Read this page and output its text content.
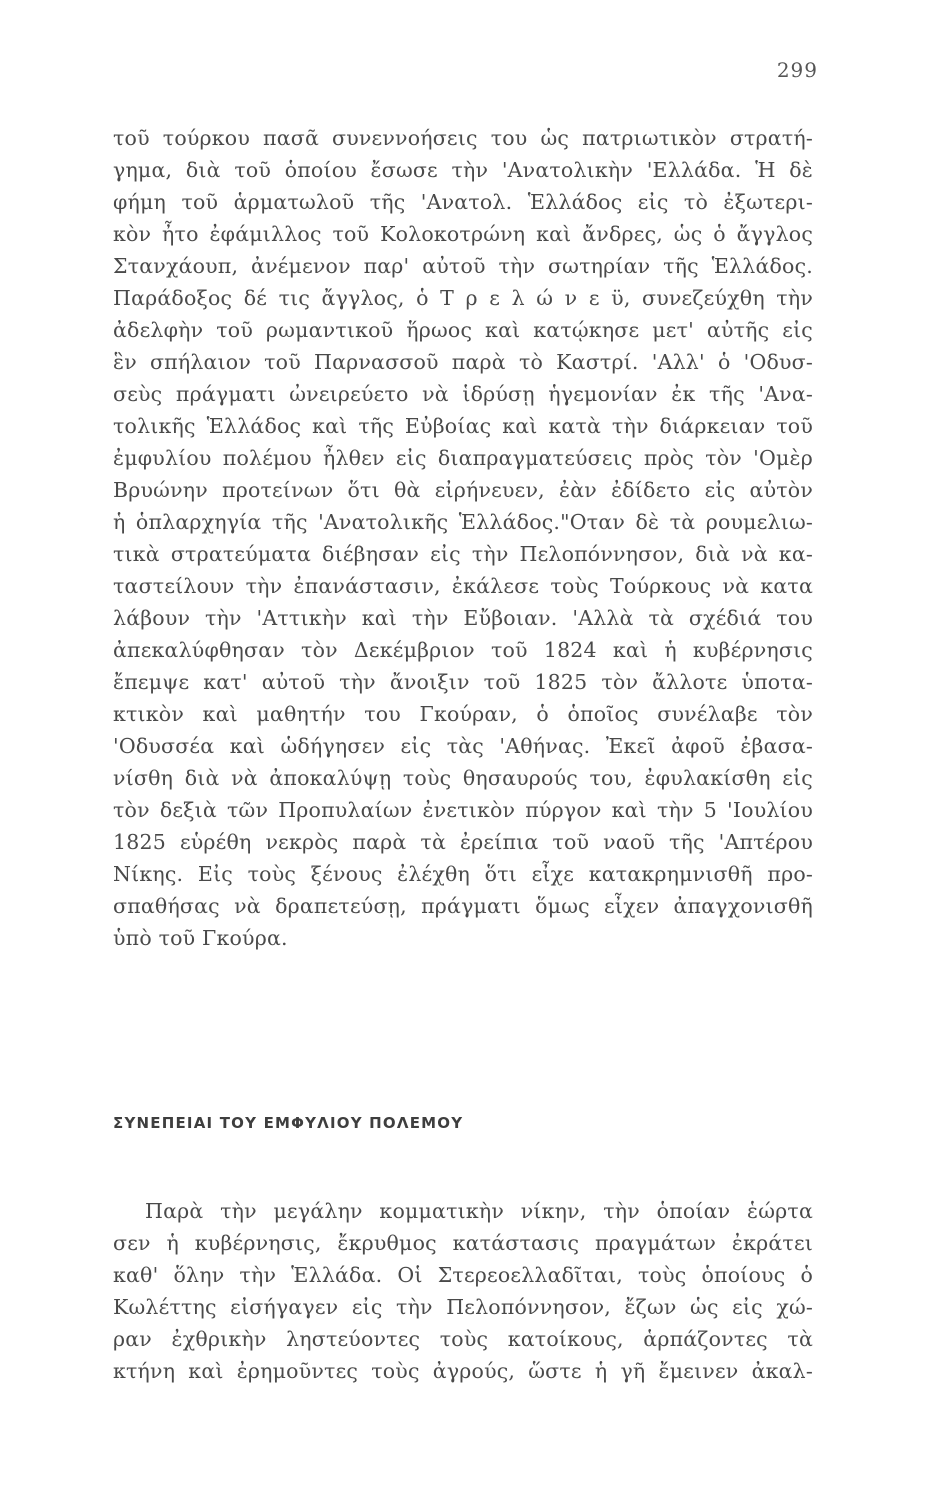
299
τοῦ τούρκου πασᾶ συνεννοήσεις του ὡς πατριωτικὸν στρατή-
γημα, διὰ τοῦ ὁποίου ἔσωσε τὴν 'Ανατολικὴν 'Ελλάδα. Ἡ δὲ
φήμη τοῦ ἁρματωλοῦ τῆς 'Ανατολ. Ἑλλάδος εἰς τὸ ἐξωτερι-
κὸν ἦτο ἐφάμιλλος τοῦ Κολοκοτρώνη καὶ ἄνδρες, ὡς ὁ ἄγγλος
Στανχάουπ, ἀνέμενον παρ' αὐτοῦ τὴν σωτηρίαν τῆς Ἑλλάδος.
Παράδοξος δέ τις ἄγγλος, ὁ Τ ρ ε λ ώ ν ε ϋ, συνεζεύχθη τὴν
ἀδελφὴν τοῦ ρωμαντικοῦ ἥρωος καὶ κατῴκησε μετ' αὐτῆς εἰς
ἓν σπήλαιον τοῦ Παρνασσοῦ παρὰ τὸ Καστρί. 'Αλλ' ὁ 'Οδυσ-
σεὺς πράγματι ὠνειρεύετο νὰ ἱδρύσῃ ἡγεμονίαν ἐκ τῆς 'Ανα-
τολικῆς Ἑλλάδος καὶ τῆς Εὐβοίας καὶ κατὰ τὴν διάρκειαν τοῦ
ἐμφυλίου πολέμου ἦλθεν εἰς διαπραγματεύσεις πρὸς τὸν 'Ομὲρ
Βρυώνην προτείνων ὅτι θὰ εἰρήνευεν, ἐὰν ἐδίδετο εἰς αὐτὸν
ἡ ὁπλαρχηγία τῆς 'Ανατολικῆς Ἑλλάδος."Οταν δὲ τὰ ρουμελιω-
τικὰ στρατεύματα διέβησαν εἰς τὴν Πελοπόννησον, διὰ νὰ κα-
ταστείλουν τὴν ἐπανάστασιν, ἐκάλεσε τοὺς Τούρκους νὰ κατα
λάβουν τὴν 'Αττικὴν καὶ τὴν Εὔβοιαν. 'Αλλὰ τὰ σχέδιά του
ἀπεκαλύφθησαν τὸν Δεκέμβριον τοῦ 1824 καὶ ἡ κυβέρνησις
ἔπεμψε κατ' αὐτοῦ τὴν ἄνοιξιν τοῦ 1825 τὸν ἄλλοτε ὑποτα-
κτικὸν καὶ μαθητήν του Γκούραν, ὁ ὁποῖος συνέλαβε τὸν
'Οδυσσέα καὶ ὡδήγησεν εἰς τὰς 'Αθήνας. Ἐκεῖ ἀφοῦ ἐβασα-
νίσθη διὰ νὰ ἀποκαλύψῃ τοὺς θησαυρούς του, ἐφυλακίσθη εἰς
τὸν δεξιὰ τῶν Προπυλαίων ἐνετικὸν πύργον καὶ τὴν 5 'Ιουλίου
1825 εὑρέθη νεκρὸς παρὰ τὰ ἐρείπια τοῦ ναοῦ τῆς 'Απτέρου
Νίκης. Εἰς τοὺς ξένους ἐλέχθη ὅτι εἶχε κατακρημνισθῆ προ-
σπαθήσας νὰ δραπετεύσῃ, πράγματι ὅμως εἶχεν ἀπαγχονισθῆ
ὑπὸ τοῦ Γκούρα.
ΣΥΝΕΠΕΙΑΙ ΤΟΥ ΕΜΦΥΛΙΟΥ ΠΟΛΕΜΟΥ
Παρὰ τὴν μεγάλην κομματικὴν νίκην, τὴν ὁποίαν ἑώρτα
σεν ἡ κυβέρνησις, ἔκρυθμος κατάστασις πραγμάτων ἐκράτει
καθ' ὅλην τὴν Ἑλλάδα. Οἱ Στερεοελλαδῖται, τοὺς ὁποίους ὁ
Κωλέττης εἰσήγαγεν εἰς τὴν Πελοπόννησον, ἔζων ὡς εἰς χώ-
ραν ἐχθρικὴν ληστεύοντες τοὺς κατοίκους, ἁρπάζοντες τὰ
κτήνη καὶ ἐρημοῦντες τοὺς ἀγρούς, ὥστε ἡ γῆ ἔμεινεν ἀκαλ-
